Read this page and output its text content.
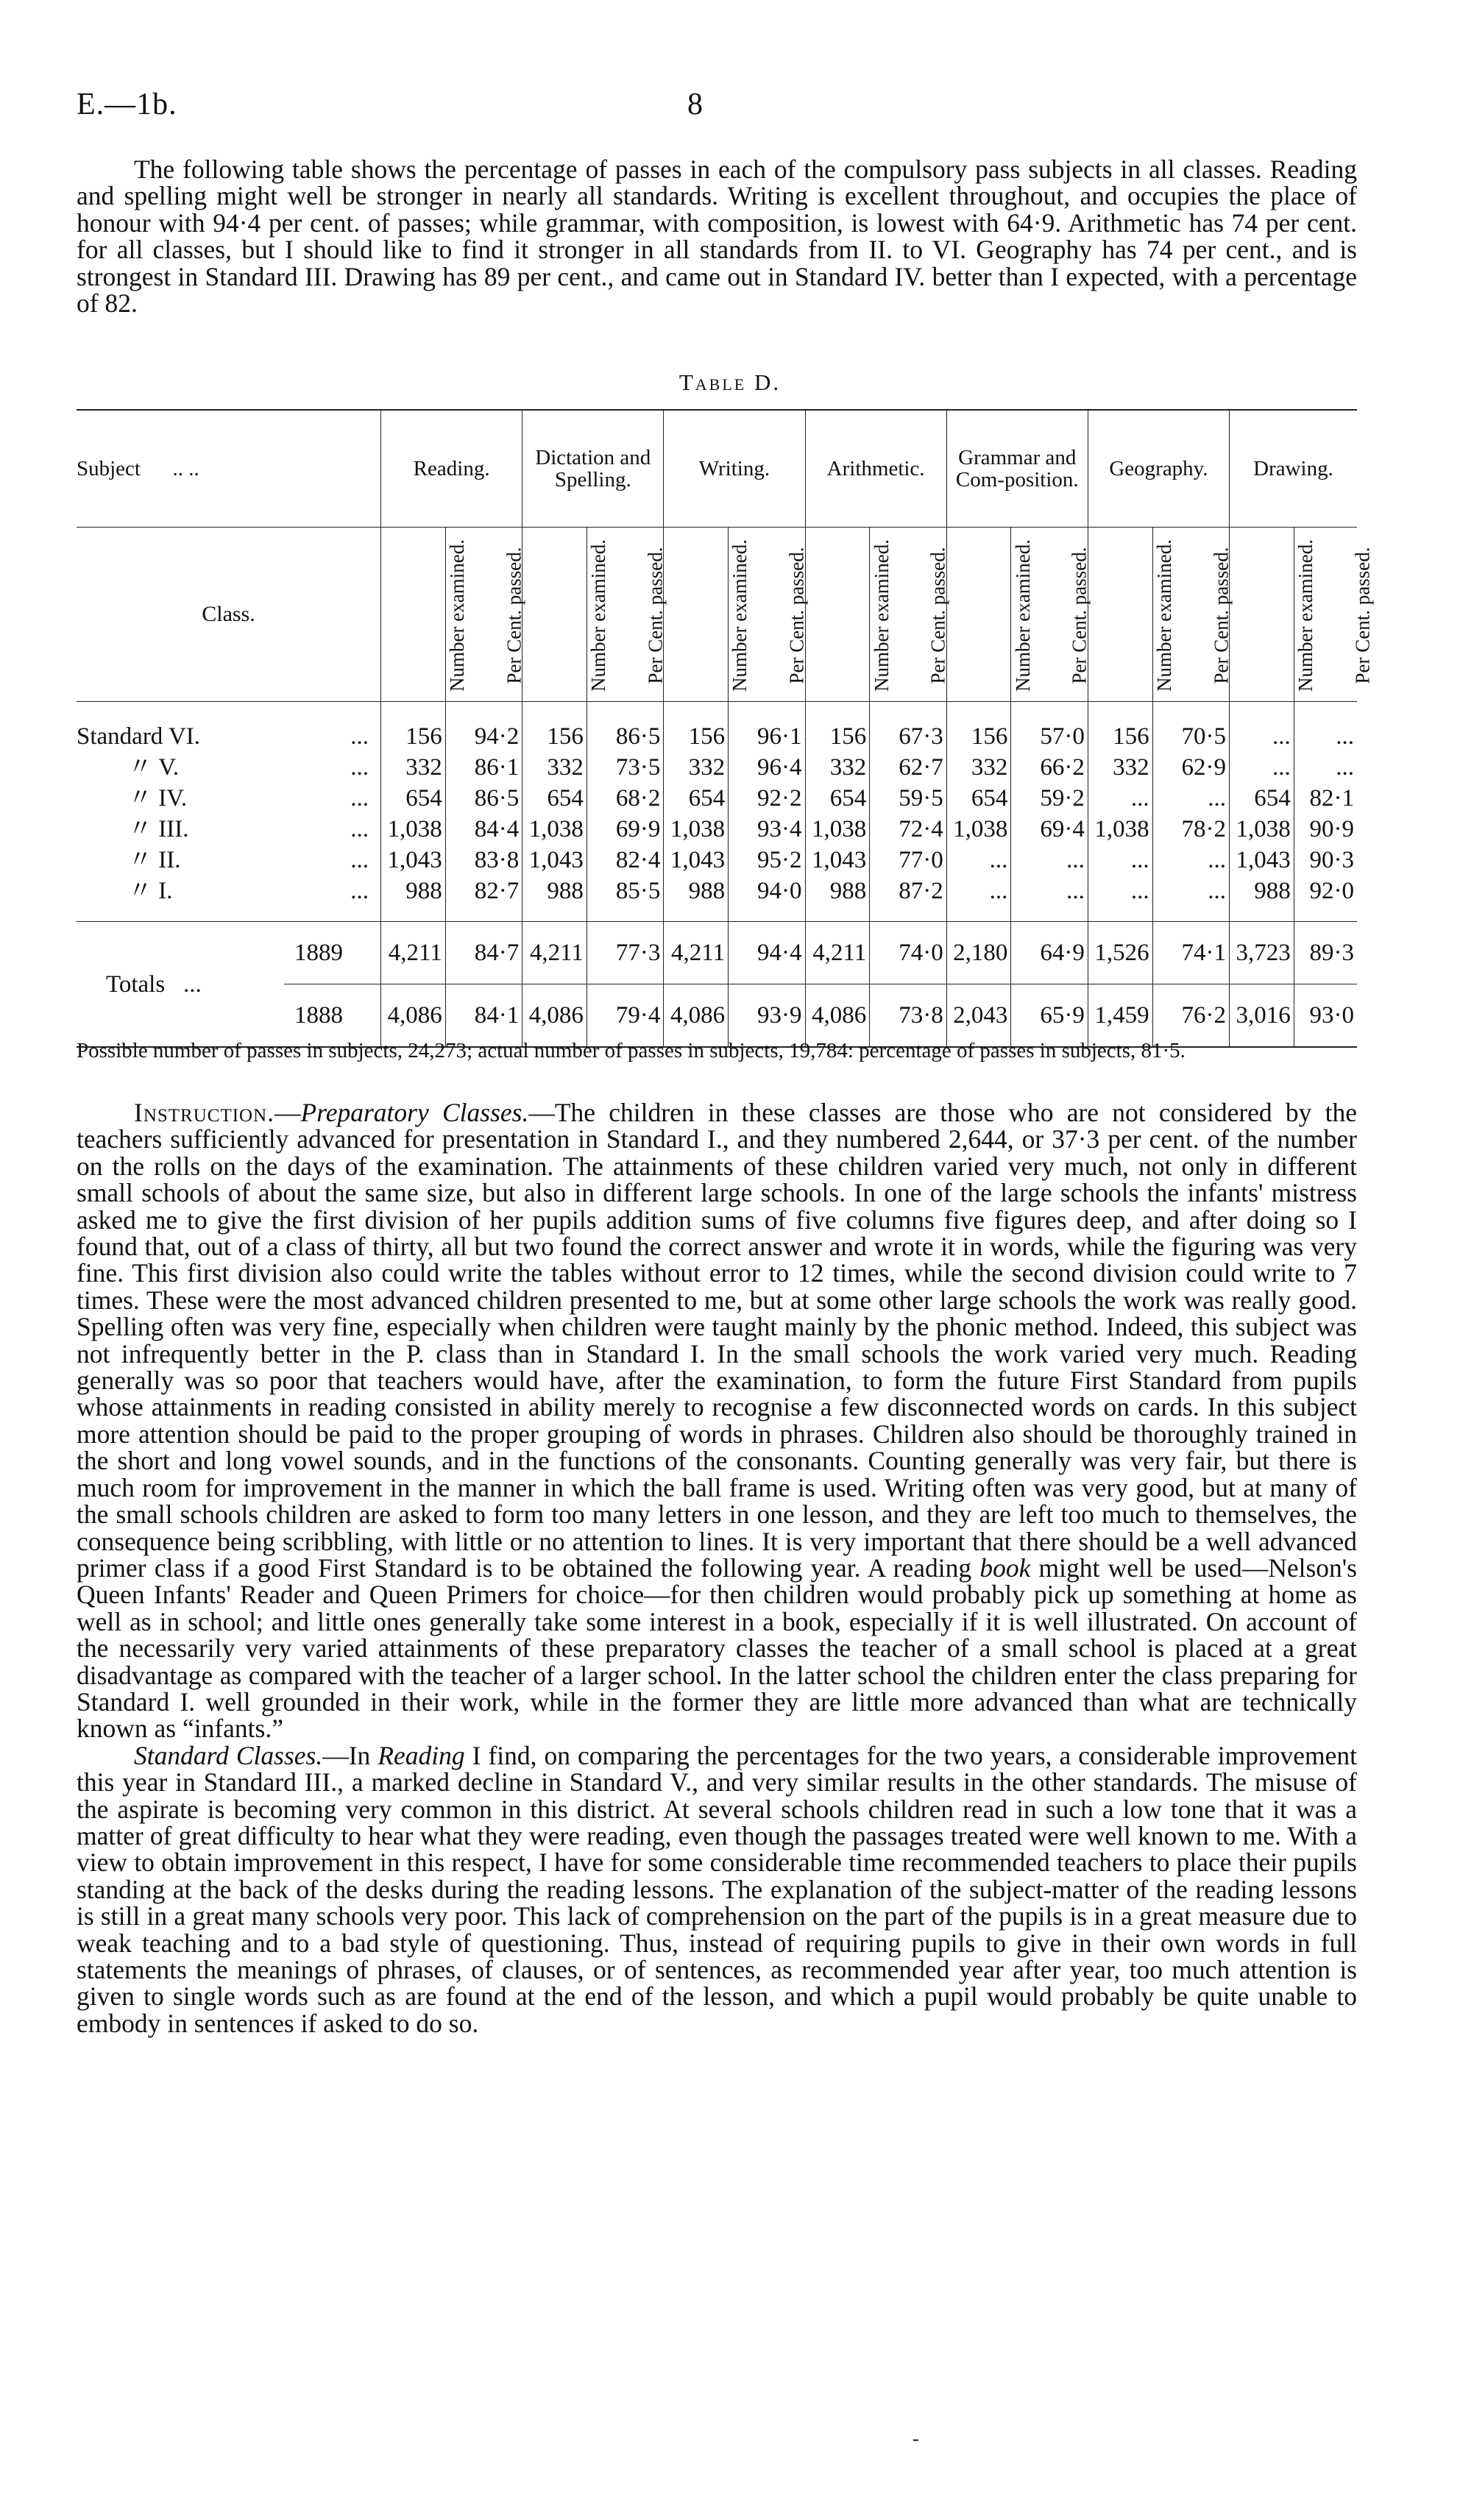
E.—1b.	8

The following table shows the percentage of passes in each of the compulsory pass subjects in all classes. Reading and spelling might well be stronger in nearly all standards. Writing is excellent throughout, and occupies the place of honour with 94·4 per cent. of passes; while grammar, with composition, is lowest with 64·9. Arithmetic has 74 per cent. for all classes, but I should like to find it stronger in all standards from II. to VI. Geography has 74 per cent., and is strongest in Standard III. Drawing has 89 per cent., and came out in Standard IV. better than I expected, with a percentage of 82.

Table D.
Subject .. ..		Reading.		Dictation and Spelling.		Writing.		Arithmetic.		Grammar and Com-position.		Geography.		Drawing.	
Class.		Number examined.	Per Cent. passed.	Number examined.	Per Cent. passed.	Number examined.	Per Cent. passed.	Number examined.	Per Cent. passed.	Number examined.	Per Cent. passed.	Number examined.	Per Cent. passed.	Number examined.	Per Cent. passed.
Standard VI. ...		156	94·2	156	86·5	156	96·1	156	67·3	156	57·0	156	70·5	...	...
〃 V. ...		332	86·1	332	73·5	332	96·4	332	62·7	332	66·2	332	62·9	...	...
〃 IV. ...		654	86·5	654	68·2	654	92·2	654	59·5	654	59·2	...	...	654	82·1
〃 III. ...		1,038	84·4	1,038	69·9	1,038	93·4	1,038	72·4	1,038	69·4	1,038	78·2	1,038	90·9
〃 II. ...		1,043	83·8	1,043	82·4	1,043	95·2	1,043	77·0	...	...	...	...	1,043	90·3
〃 I. ...		988	82·7	988	85·5	988	94·0	988	87·2	...	...	...	...	988	92·0
Totals ...	1889	4,211	84·7	4,211	77·3	4,211	94·4	4,211	74·0	2,180	64·9	1,526	74·1	3,723	89·3
	1888	4,086	84·1	4,086	79·4	4,086	93·9	4,086	73·8	2,043	65·9	1,459	76·2	3,016	93·0
Possible number of passes in subjects, 24,273; actual number of passes in subjects, 19,784: percentage of passes in subjects, 81·5.

Instruction.—Preparatory Classes.—The children in these classes are those who are not considered by the teachers sufficiently advanced for presentation in Standard I., and they numbered 2,644, or 37·3 per cent. of the number on the rolls on the days of the examination. The attainments of these children varied very much, not only in different small schools of about the same size, but also in different large schools. In one of the large schools the infants' mistress asked me to give the first division of her pupils addition sums of five columns five figures deep, and after doing so I found that, out of a class of thirty, all but two found the correct answer and wrote it in words, while the figuring was very fine. This first division also could write the tables without error to 12 times, while the second division could write to 7 times. These were the most advanced children presented to me, but at some other large schools the work was really good. Spelling often was very fine, especially when children were taught mainly by the phonic method. Indeed, this subject was not infrequently better in the P. class than in Standard I. In the small schools the work varied very much. Reading generally was so poor that teachers would have, after the examination, to form the future First Standard from pupils whose attainments in reading consisted in ability merely to recognise a few disconnected words on cards. In this subject more attention should be paid to the proper grouping of words in phrases. Children also should be thoroughly trained in the short and long vowel sounds, and in the functions of the consonants. Counting generally was very fair, but there is much room for improvement in the manner in which the ball frame is used. Writing often was very good, but at many of the small schools children are asked to form too many letters in one lesson, and they are left too much to themselves, the consequence being scribbling, with little or no attention to lines. It is very important that there should be a well advanced primer class if a good First Standard is to be obtained the following year. A reading book might well be used—Nelson's Queen Infants' Reader and Queen Primers for choice—for then children would probably pick up something at home as well as in school; and little ones generally take some interest in a book, especially if it is well illustrated. On account of the necessarily very varied attainments of these preparatory classes the teacher of a small school is placed at a great disadvantage as compared with the teacher of a larger school. In the latter school the children enter the class preparing for Standard I. well grounded in their work, while in the former they are little more advanced than what are technically known as “infants.”

Standard Classes.—In Reading I find, on comparing the percentages for the two years, a considerable improvement this year in Standard III., a marked decline in Standard V., and very similar results in the other standards. The misuse of the aspirate is becoming very common in this district. At several schools children read in such a low tone that it was a matter of great difficulty to hear what they were reading, even though the passages treated were well known to me. With a view to obtain improvement in this respect, I have for some considerable time recommended teachers to place their pupils standing at the back of the desks during the reading lessons. The explanation of the subject-matter of the reading lessons is still in a great many schools very poor. This lack of comprehension on the part of the pupils is in a great measure due to weak teaching and to a bad style of questioning. Thus, instead of requiring pupils to give in their own words in full statements the meanings of phrases, of clauses, or of sentences, as recommended year after year, too much attention is given to single words such as are found at the end of the lesson, and which a pupil would probably be quite unable to embody in sentences if asked to do so.

-
